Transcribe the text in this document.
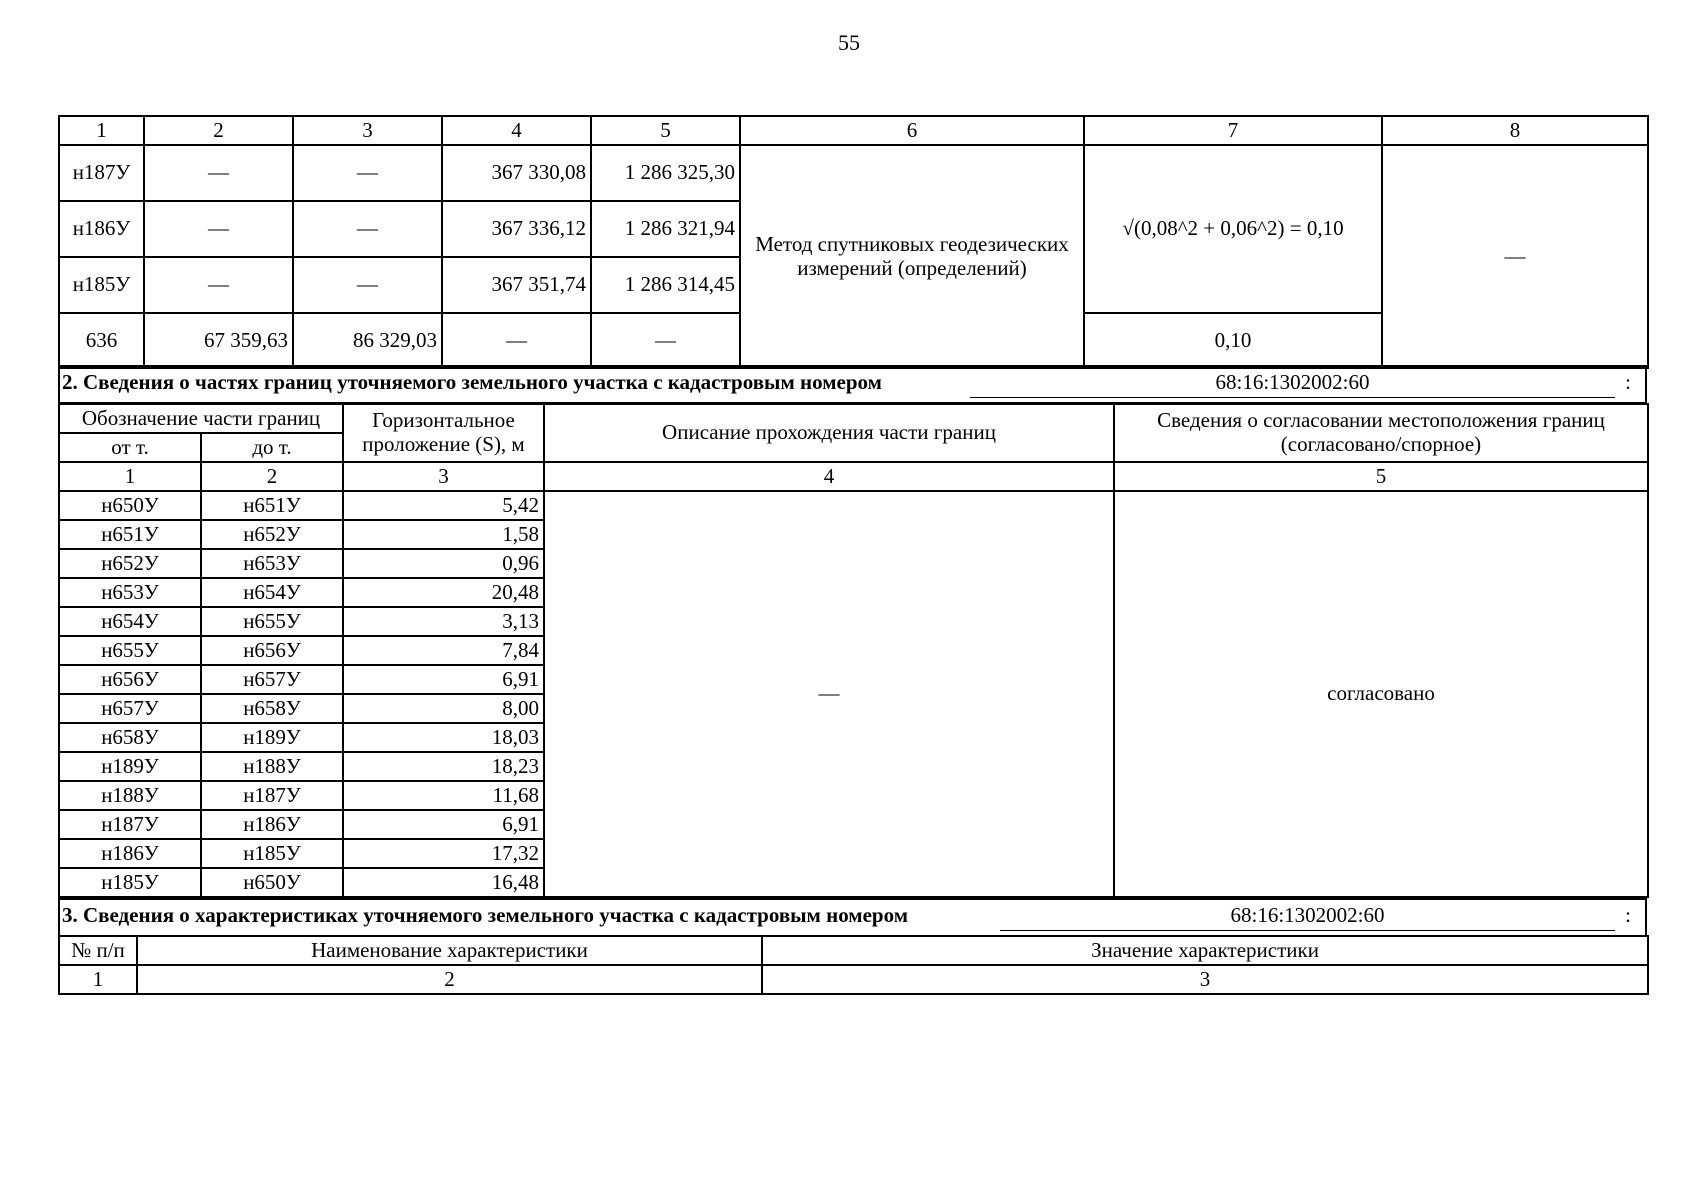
55
1	2	3	4	5	6	7	8
н187У	—	—	367 330,08	1 286 325,30	Метод спутниковых геодезических измерений (определений)	√(0,08^2 + 0,06^2) = 0,10	—
н186У	—	—	367 336,12	1 286 321,94			
н185У	—	—	367 351,74	1 286 314,45			
636	67 359,63	86 329,03	—	—		0,10	
2. Сведения о частях границ уточняемого земельного участка с кадастровым номером	68:16:1302002:60	:
Обозначение части границ		Горизонтальное проложение (S), м	Описание прохождения части границ	Сведения о согласовании местоположения границ (согласовано/спорное)
от т.	до т.			
1	2	3	4	5
н650У	н651У	5,42	—	согласовано
н651У	н652У	1,58		
н652У	н653У	0,96		
н653У	н654У	20,48		
н654У	н655У	3,13		
н655У	н656У	7,84		
н656У	н657У	6,91		
н657У	н658У	8,00		
н658У	н189У	18,03		
н189У	н188У	18,23		
н188У	н187У	11,68		
н187У	н186У	6,91		
н186У	н185У	17,32		
н185У	н650У	16,48		
3. Сведения о характеристиках уточняемого земельного участка с кадастровым номером	68:16:1302002:60	:
№ п/п	Наименование характеристики	Значение характеристики
1	2	3
